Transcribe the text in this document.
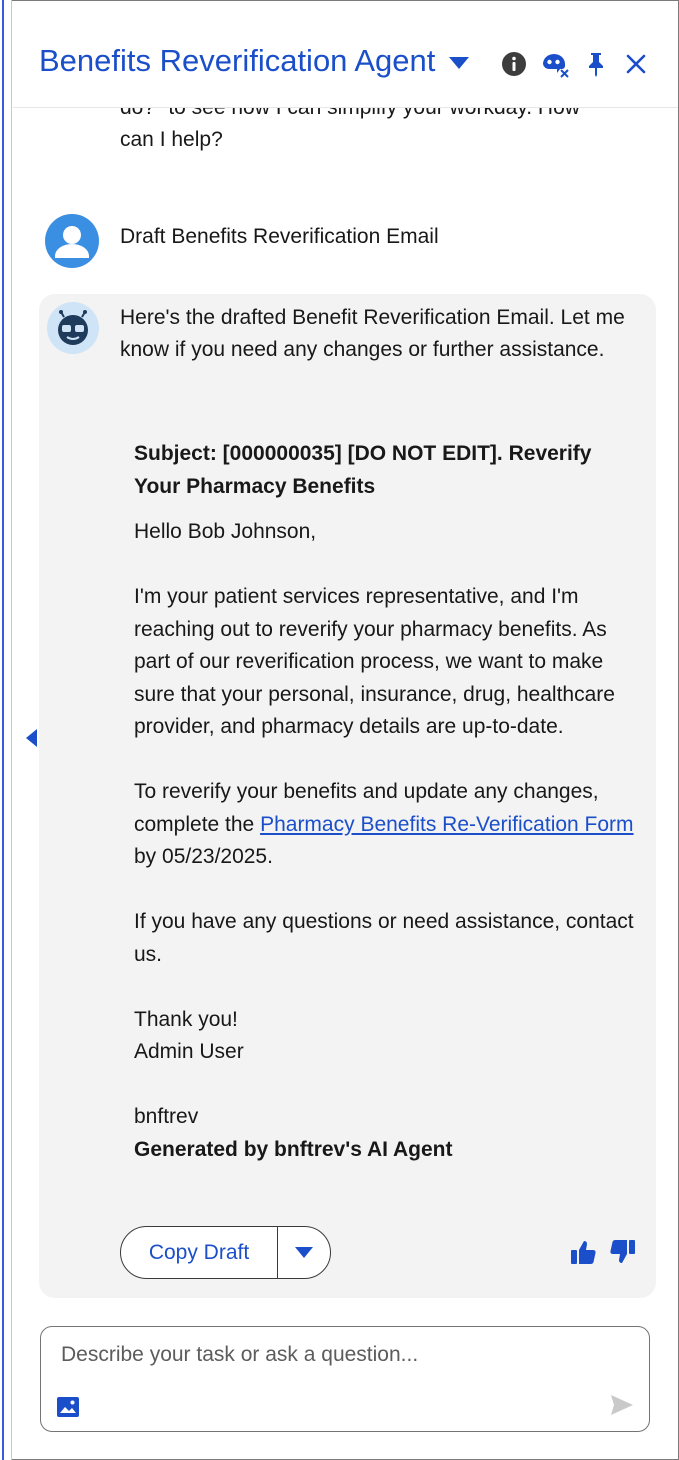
Benefits Reverification Agent
can I help?
Draft Benefits Reverification Email
Here's the drafted Benefit Reverification Email. Let me know if you need any changes or further assistance.

Subject: [000000035] [DO NOT EDIT]. Reverify Your Pharmacy Benefits

Hello Bob Johnson,

I'm your patient services representative, and I'm reaching out to reverify your pharmacy benefits. As part of our reverification process, we want to make sure that your personal, insurance, drug, healthcare provider, and pharmacy details are up-to-date.

To reverify your benefits and update any changes, complete the Pharmacy Benefits Re-Verification Form by 05/23/2025.

If you have any questions or need assistance, contact us.

Thank you!

Admin User

bnftrev

Generated by bnftrev's AI Agent

Copy Draft
Describe your task or ask a question...
